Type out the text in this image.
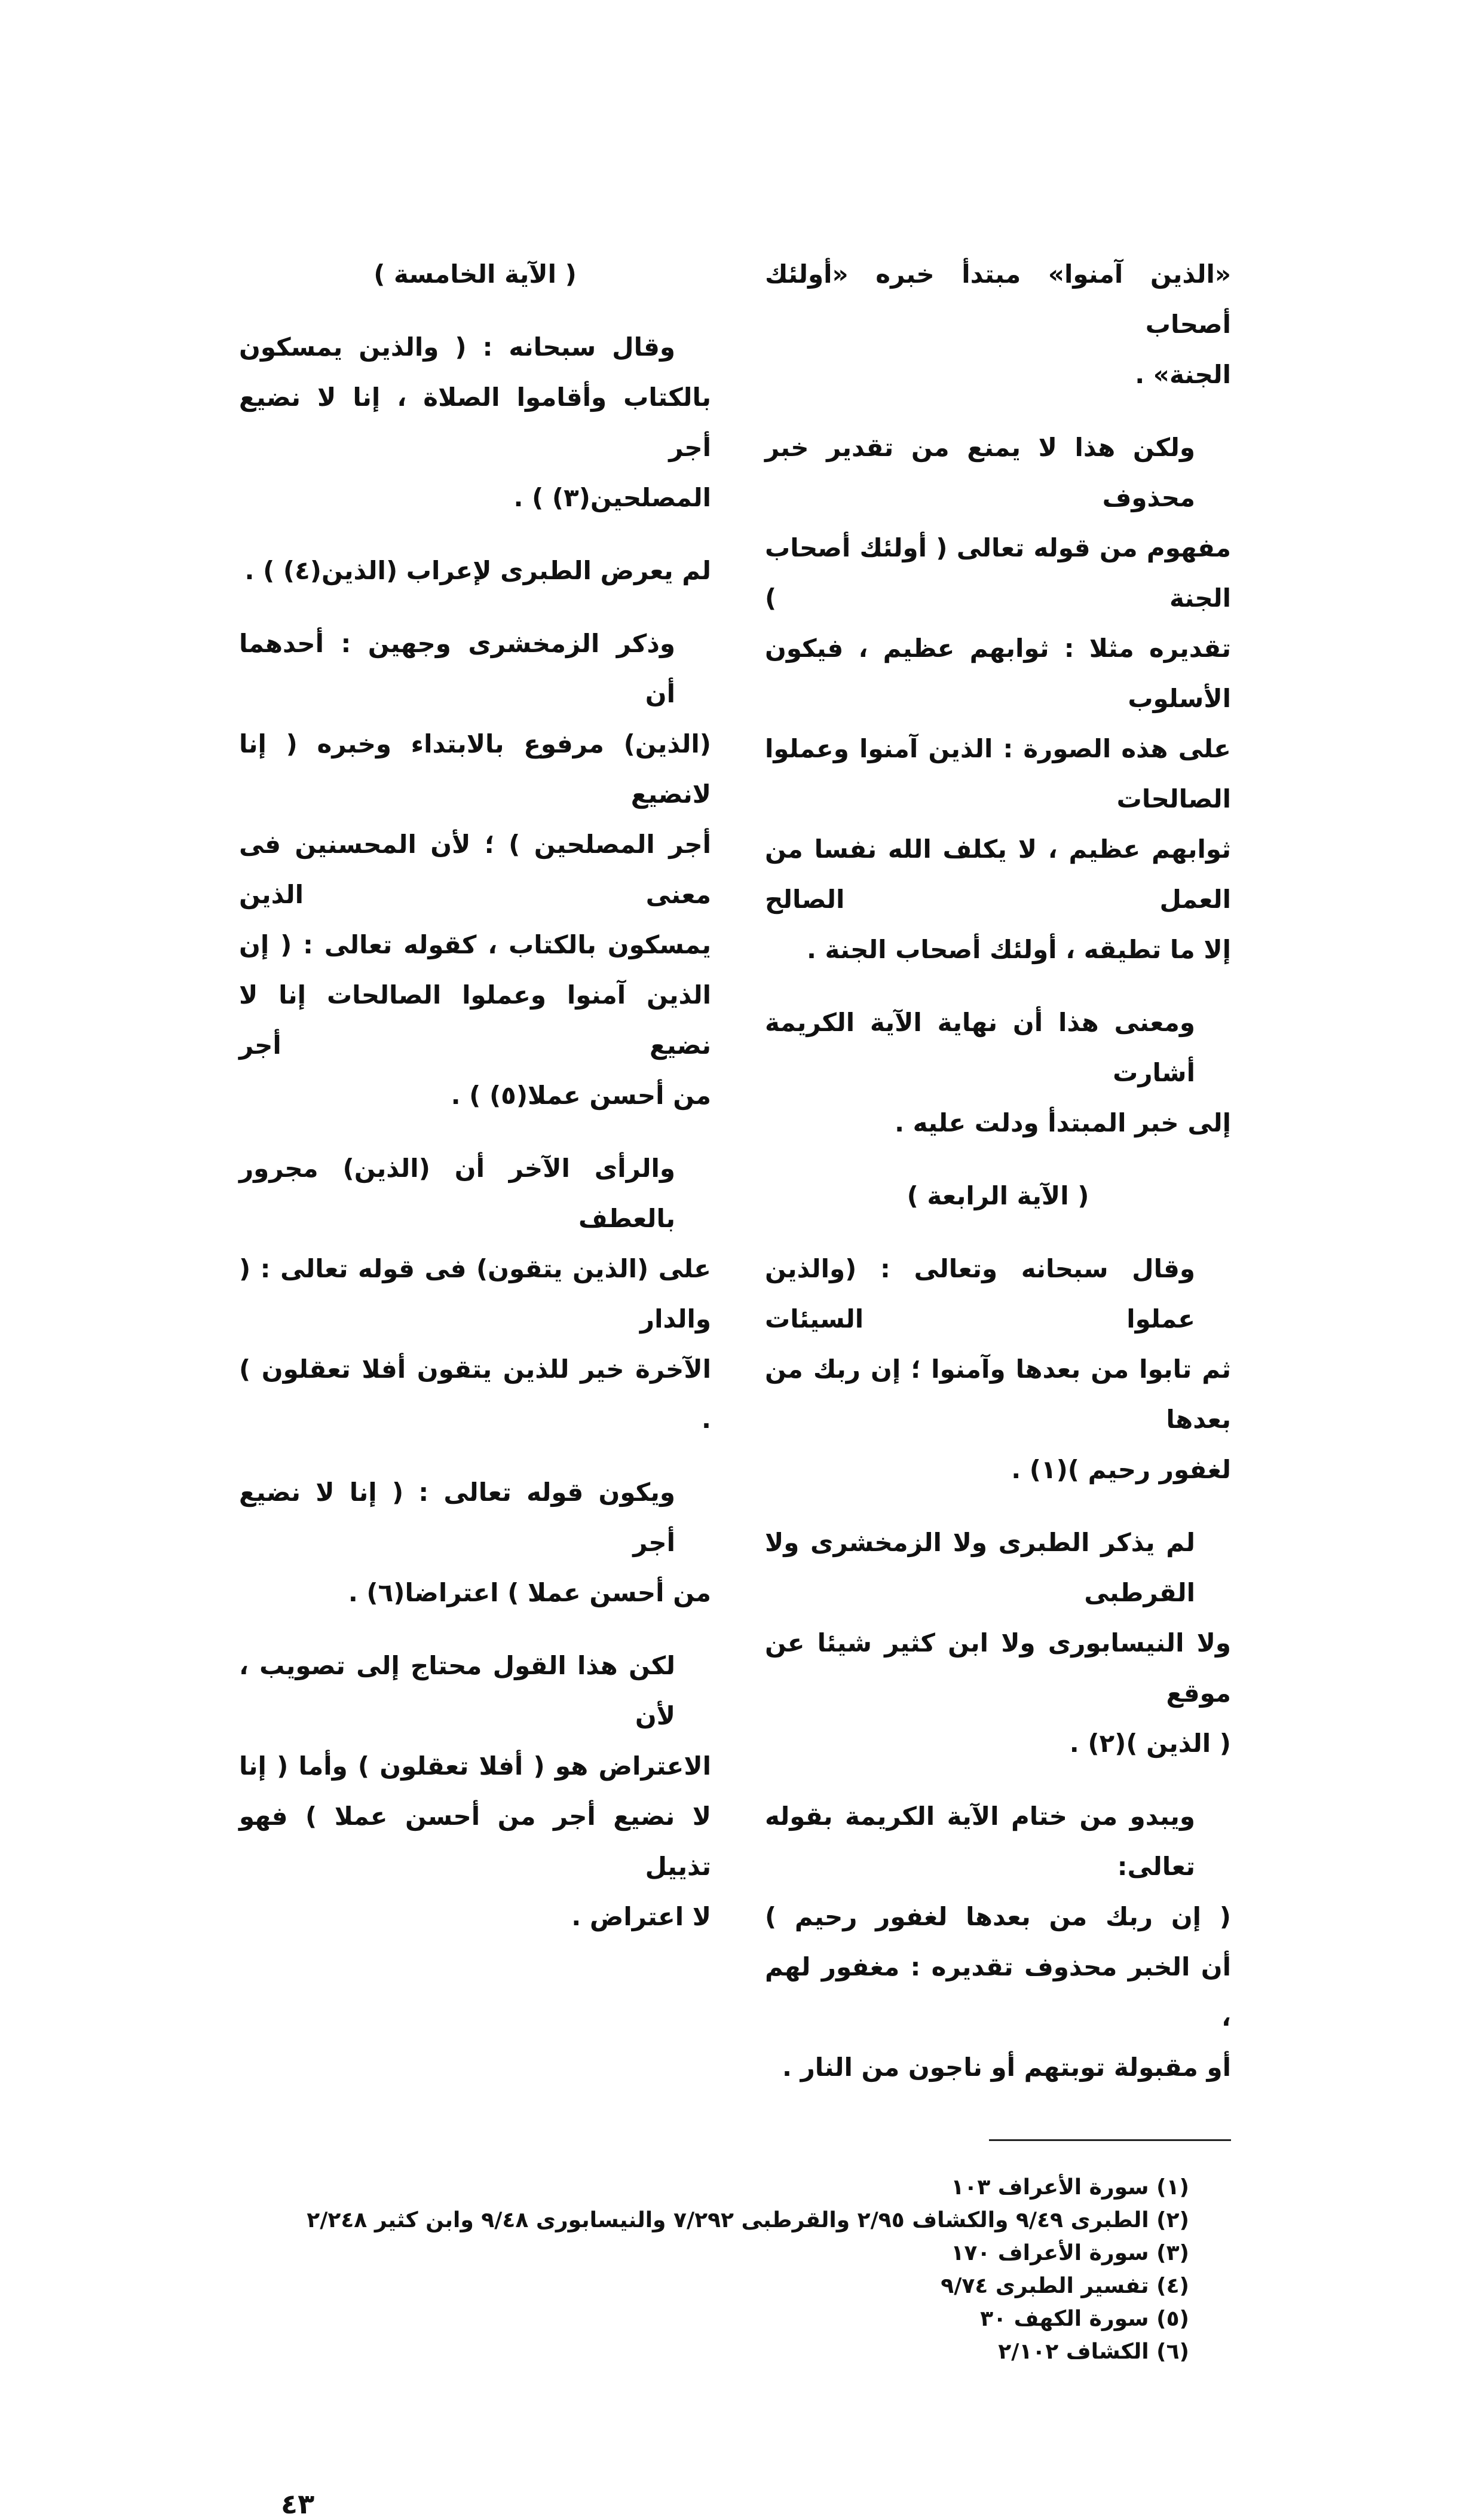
«الذين آمنوا» مبتدأ خبره «أولئك أصحاب
الجنة» .
ولكن هذا لا يمنع من تقدير خبر محذوف
مفهوم من قوله تعالى ( أولئك أصحاب الجنة )
تقديره مثلا : ثوابهم عظيم ، فيكون الأسلوب
على هذه الصورة : الذين آمنوا وعملوا الصالحات
ثوابهم عظيم ، لا يكلف الله نفسا من العمل الصالح
إلا ما تطيقه ، أولئك أصحاب الجنة .
ومعنى هذا أن نهاية الآية الكريمة أشارت
إلى خبر المبتدأ ودلت عليه .
( الآية الرابعة )
وقال سبحانه وتعالى : (والذين عملوا السيئات
ثم تابوا من بعدها وآمنوا ؛ إن ربك من بعدها
لغفور رحيم )(١) .
لم يذكر الطبرى ولا الزمخشرى ولا القرطبى
ولا النيسابورى ولا ابن كثير شيئا عن موقع
( الذين )(٢) .
ويبدو من ختام الآية الكريمة بقوله تعالى:
( إن ربك من بعدها لغفور رحيم )
أن الخبر محذوف تقديره : مغفور لهم ،
أو مقبولة توبتهم أو ناجون من النار .
( الآية الخامسة )
وقال سبحانه : ( والذين يمسكون
بالكتاب وأقاموا الصلاة ، إنا لا نضيع أجر
المصلحين(٣) ) .
لم يعرض الطبرى لإعراب (الذين(٤) ) .
وذكر الزمخشرى وجهين : أحدهما أن
(الذين) مرفوع بالابتداء وخبره ( إنا لانضيع
أجر المصلحين ) ؛ لأن المحسنين فى معنى الذين
يمسكون بالكتاب ، كقوله تعالى : ( إن
الذين آمنوا وعملوا الصالحات إنا لا نضيع أجر
من أحسن عملا(٥) ) .
والرأى الآخر أن (الذين) مجرور بالعطف
على (الذين يتقون) فى قوله تعالى : ( والدار
الآخرة خير للذين يتقون أفلا تعقلون ) .
ويكون قوله تعالى : ( إنا لا نضيع أجر
من أحسن عملا ) اعتراضا(٦) .
لكن هذا القول محتاج إلى تصويب ، لأن
الاعتراض هو ( أفلا تعقلون ) وأما ( إنا
لا نضيع أجر من أحسن عملا ) فهو تذييل
لا اعتراض .
(١) سورة الأعراف ١٠٣
(٢) الطبرى ٩/٤٩ والكشاف ٢/٩٥ والقرطبى ٧/٢٩٢ والنيسابورى ٩/٤٨ وابن كثير ٢/٢٤٨
(٣) سورة الأعراف ١٧٠
(٤) تفسير الطبرى ٩/٧٤
(٥) سورة الكهف ٣٠
(٦) الكشاف ٢/١٠٢
٤٣
